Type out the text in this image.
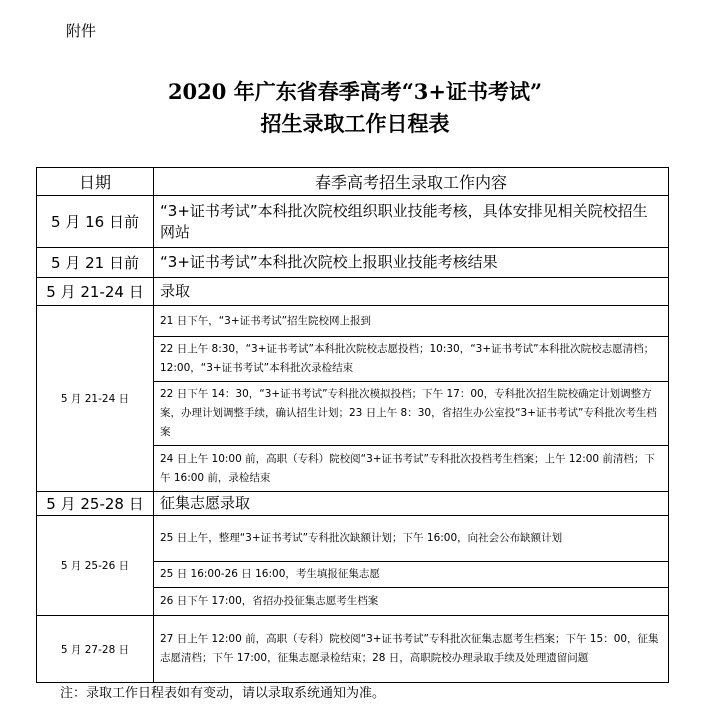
附件
2020 年广东省春季高考“3+证书考试”
招生录取工作日程表
日期	春季高考招生录取工作内容
5 月 16 日前	“3+证书考试”本科批次院校组织职业技能考核，具体安排见相关院校招生网站
5 月 21 日前	“3+证书考试”本科批次院校上报职业技能考核结果
5 月 21-24 日	录取
5 月 21-24 日	21 日下午，“3+证书考试”招生院校网上报到
	22 日上午 8:30，“3+证书考试”本科批次院校志愿投档；10:30，“3+证书考试”本科批次院校志愿清档；12:00，“3+证书考试”本科批次录检结束
	22 日下午 14：30，“3+证书考试”专科批次模拟投档；下午 17：00，专科批次招生院校确定计划调整方案，办理计划调整手续，确认招生计划；23 日上午 8：30，省招生办公室投“3+证书考试”专科批次考生档案
	24 日上午 10:00 前，高职（专科）院校阅“3+证书考试”专科批次投档考生档案；上午 12:00 前清档；下午 16:00 前，录检结束
5 月 25-28 日	征集志愿录取
5 月 25-26 日	25 日上午，整理“3+证书考试”专科批次缺额计划；下午 16:00，向社会公布缺额计划
	25 日 16:00-26 日 16:00，考生填报征集志愿
	26 日下午 17:00，省招办投征集志愿考生档案
5 月 27-28 日	27 日上午 12:00 前，高职（专科）院校阅“3+证书考试”专科批次征集志愿考生档案；下午 15：00，征集志愿清档；下午 17:00，征集志愿录检结束；28 日，高职院校办理录取手续及处理遗留问题
注：录取工作日程表如有变动，请以录取系统通知为准。
